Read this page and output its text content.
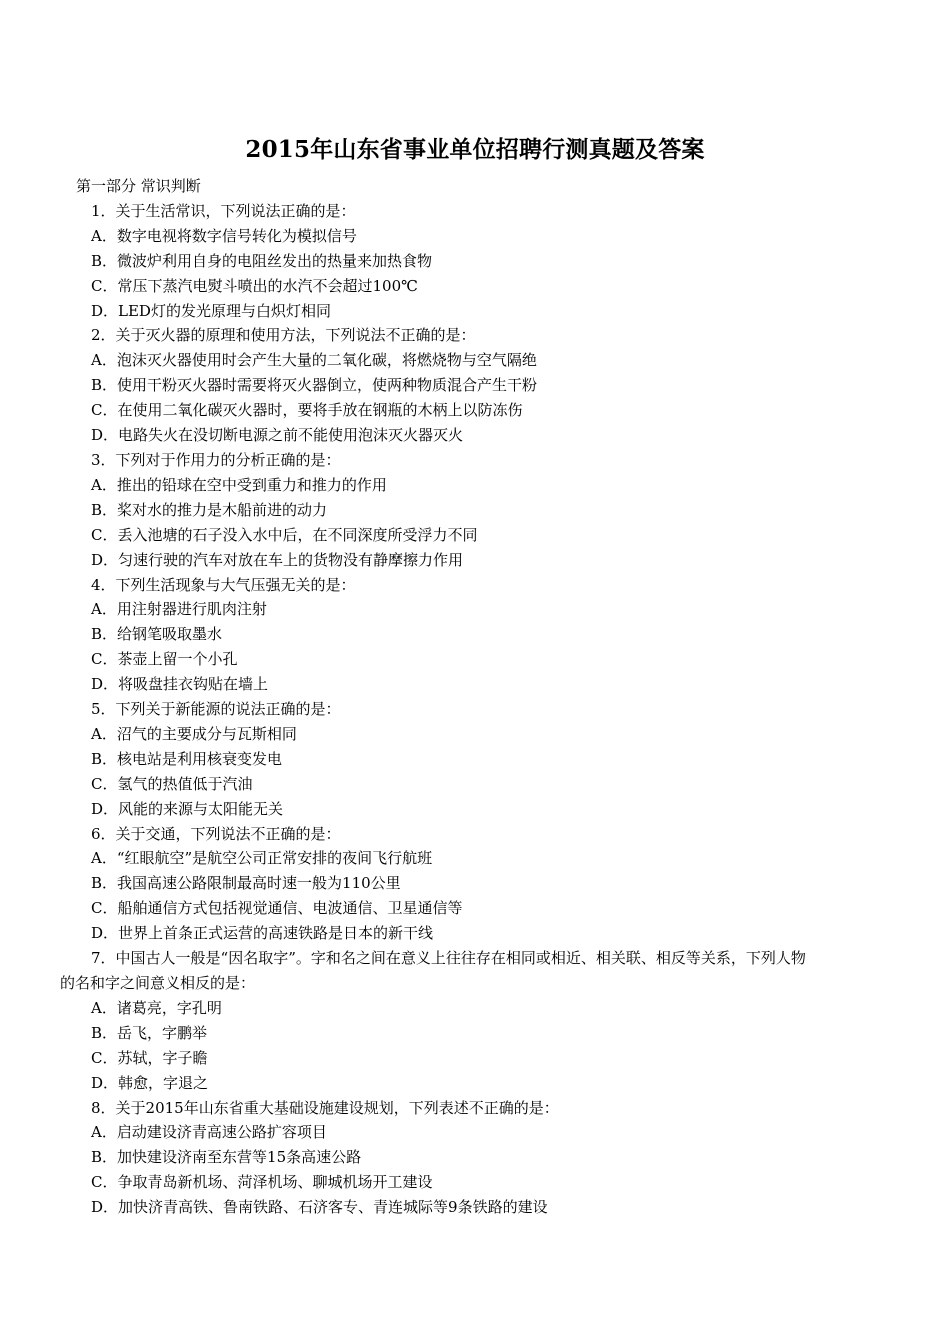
2015年山东省事业单位招聘行测真题及答案
第一部分 常识判断
1．关于生活常识，下列说法正确的是：
A．数字电视将数字信号转化为模拟信号
B．微波炉利用自身的电阻丝发出的热量来加热食物
C．常压下蒸汽电熨斗喷出的水汽不会超过100℃
D．LED灯的发光原理与白炽灯相同
2．关于灭火器的原理和使用方法，下列说法不正确的是：
A．泡沫灭火器使用时会产生大量的二氧化碳，将燃烧物与空气隔绝
B．使用干粉灭火器时需要将灭火器倒立，使两种物质混合产生干粉
C．在使用二氧化碳灭火器时，要将手放在钢瓶的木柄上以防冻伤
D．电路失火在没切断电源之前不能使用泡沫灭火器灭火
3．下列对于作用力的分析正确的是：
A．推出的铅球在空中受到重力和推力的作用
B．桨对水的推力是木船前进的动力
C．丢入池塘的石子没入水中后，在不同深度所受浮力不同
D．匀速行驶的汽车对放在车上的货物没有静摩擦力作用
4．下列生活现象与大气压强无关的是：
A．用注射器进行肌肉注射
B．给钢笔吸取墨水
C．茶壶上留一个小孔
D．将吸盘挂衣钩贴在墙上
5．下列关于新能源的说法正确的是：
A．沼气的主要成分与瓦斯相同
B．核电站是利用核衰变发电
C．氢气的热值低于汽油
D．风能的来源与太阳能无关
6．关于交通，下列说法不正确的是：
A．“红眼航空”是航空公司正常安排的夜间飞行航班
B．我国高速公路限制最高时速一般为110公里
C．船舶通信方式包括视觉通信、电波通信、卫星通信等
D．世界上首条正式运营的高速铁路是日本的新干线
7．中国古人一般是“因名取字”。字和名之间在意义上往往存在相同或相近、相关联、相反等关系，下列人物
的名和字之间意义相反的是：
A．诸葛亮，字孔明
B．岳飞，字鹏举
C．苏轼，字子瞻
D．韩愈，字退之
8．关于2015年山东省重大基础设施建设规划，下列表述不正确的是：
A．启动建设济青高速公路扩容项目
B．加快建设济南至东营等15条高速公路
C．争取青岛新机场、菏泽机场、聊城机场开工建设
D．加快济青高铁、鲁南铁路、石济客专、青连城际等9条铁路的建设
